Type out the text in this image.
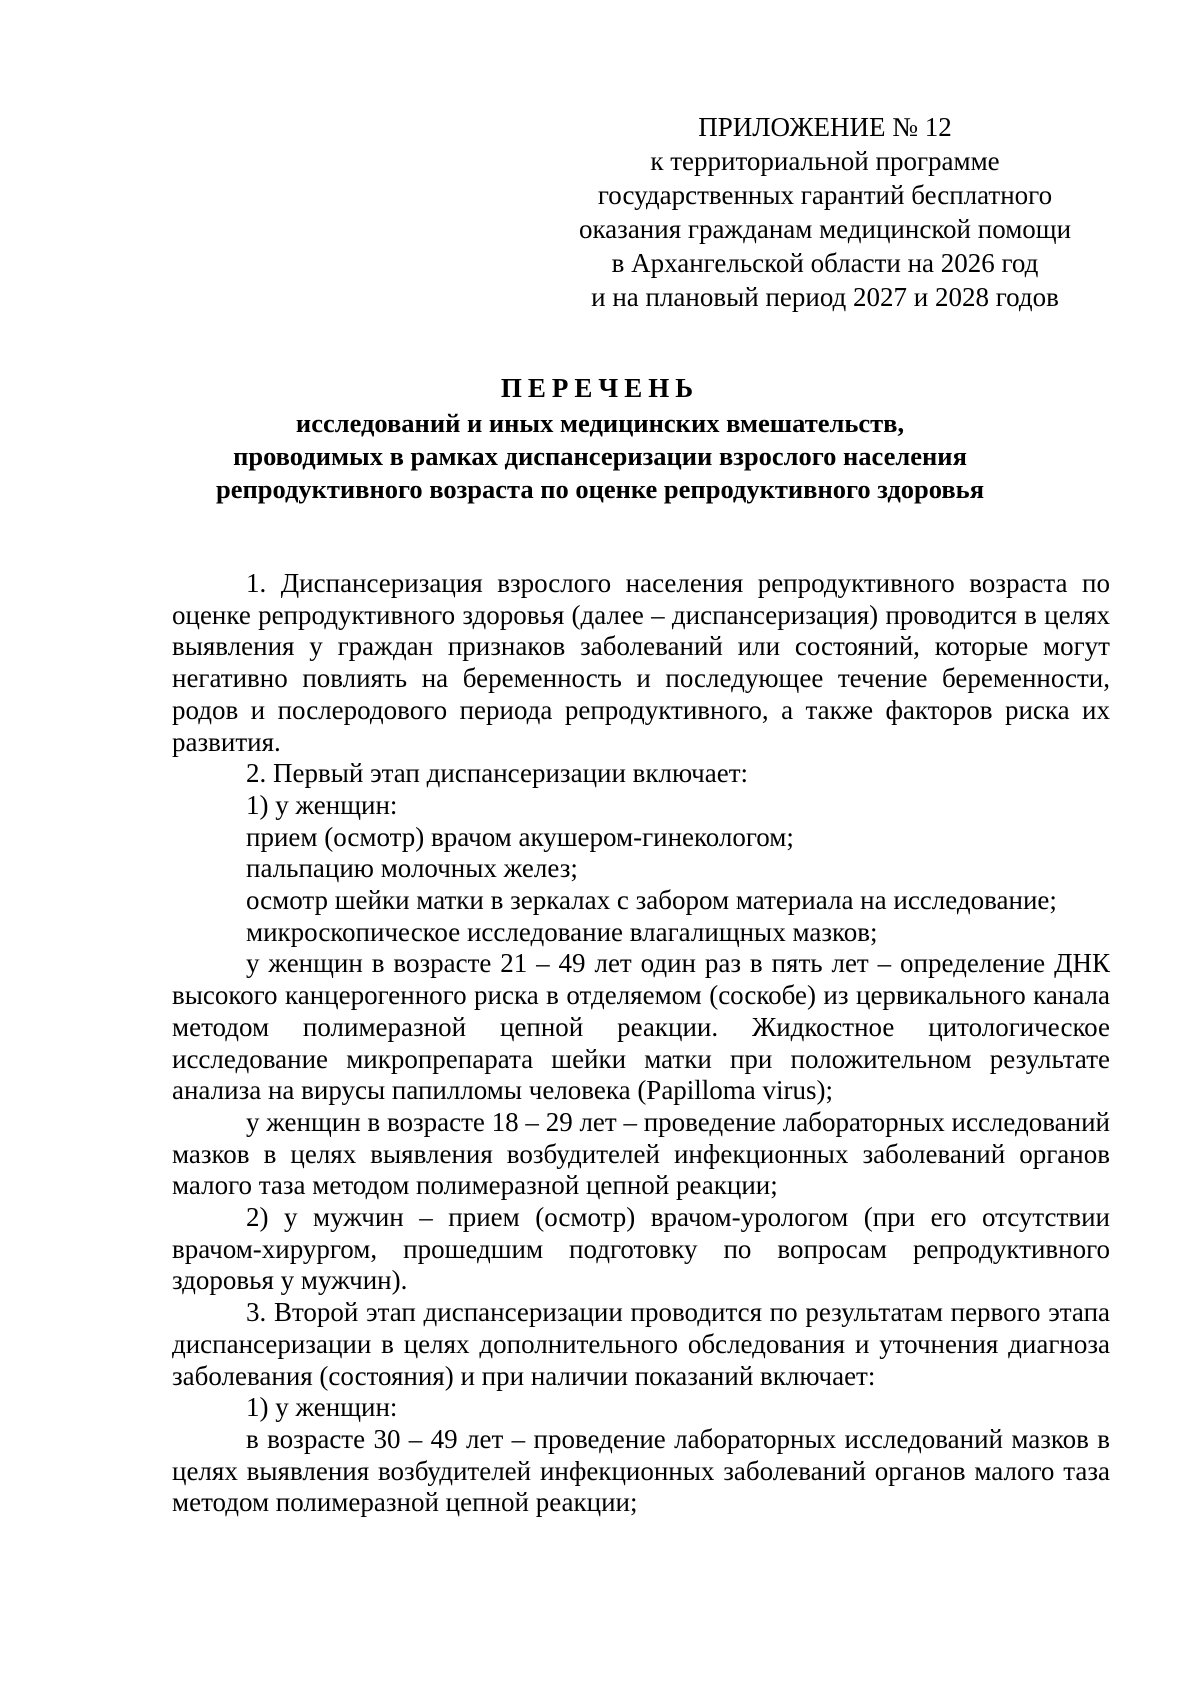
ПРИЛОЖЕНИЕ № 12
к территориальной программе
государственных гарантий бесплатного
оказания гражданам медицинской помощи
в Архангельской области на 2026 год
и на плановый период 2027 и 2028 годов
ПЕРЕЧЕНЬ
исследований и иных медицинских вмешательств,
проводимых в рамках диспансеризации взрослого населения
репродуктивного возраста по оценке репродуктивного здоровья

1. Диспансеризация взрослого населения репродуктивного возраста по оценке репродуктивного здоровья (далее – диспансеризация) проводится в целях выявления у граждан признаков заболеваний или состояний, которые могут негативно повлиять на беременность и последующее течение беременности, родов и послеродового периода репродуктивного, а также факторов риска их развития.

2. Первый этап диспансеризации включает:

1) у женщин:

прием (осмотр) врачом акушером-гинекологом;

пальпацию молочных желез;

осмотр шейки матки в зеркалах с забором материала на исследование;

микроскопическое исследование влагалищных мазков;

у женщин в возрасте 21 – 49 лет один раз в пять лет – определение ДНК высокого канцерогенного риска в отделяемом (соскобе) из цервикального канала методом полимеразной цепной реакции. Жидкостное цитологическое исследование микропрепарата шейки матки при положительном результате анализа на вирусы папилломы человека (Papilloma virus);

у женщин в возрасте 18 – 29 лет – проведение лабораторных исследований мазков в целях выявления возбудителей инфекционных заболеваний органов малого таза методом полимеразной цепной реакции;

2) у мужчин – прием (осмотр) врачом-урологом (при его отсутствии врачом-хирургом, прошедшим подготовку по вопросам репродуктивного здоровья у мужчин).

3. Второй этап диспансеризации проводится по результатам первого этапа диспансеризации в целях дополнительного обследования и уточнения диагноза заболевания (состояния) и при наличии показаний включает:

1) у женщин:

в возрасте 30 – 49 лет – проведение лабораторных исследований мазков в целях выявления возбудителей инфекционных заболеваний органов малого таза методом полимеразной цепной реакции;
